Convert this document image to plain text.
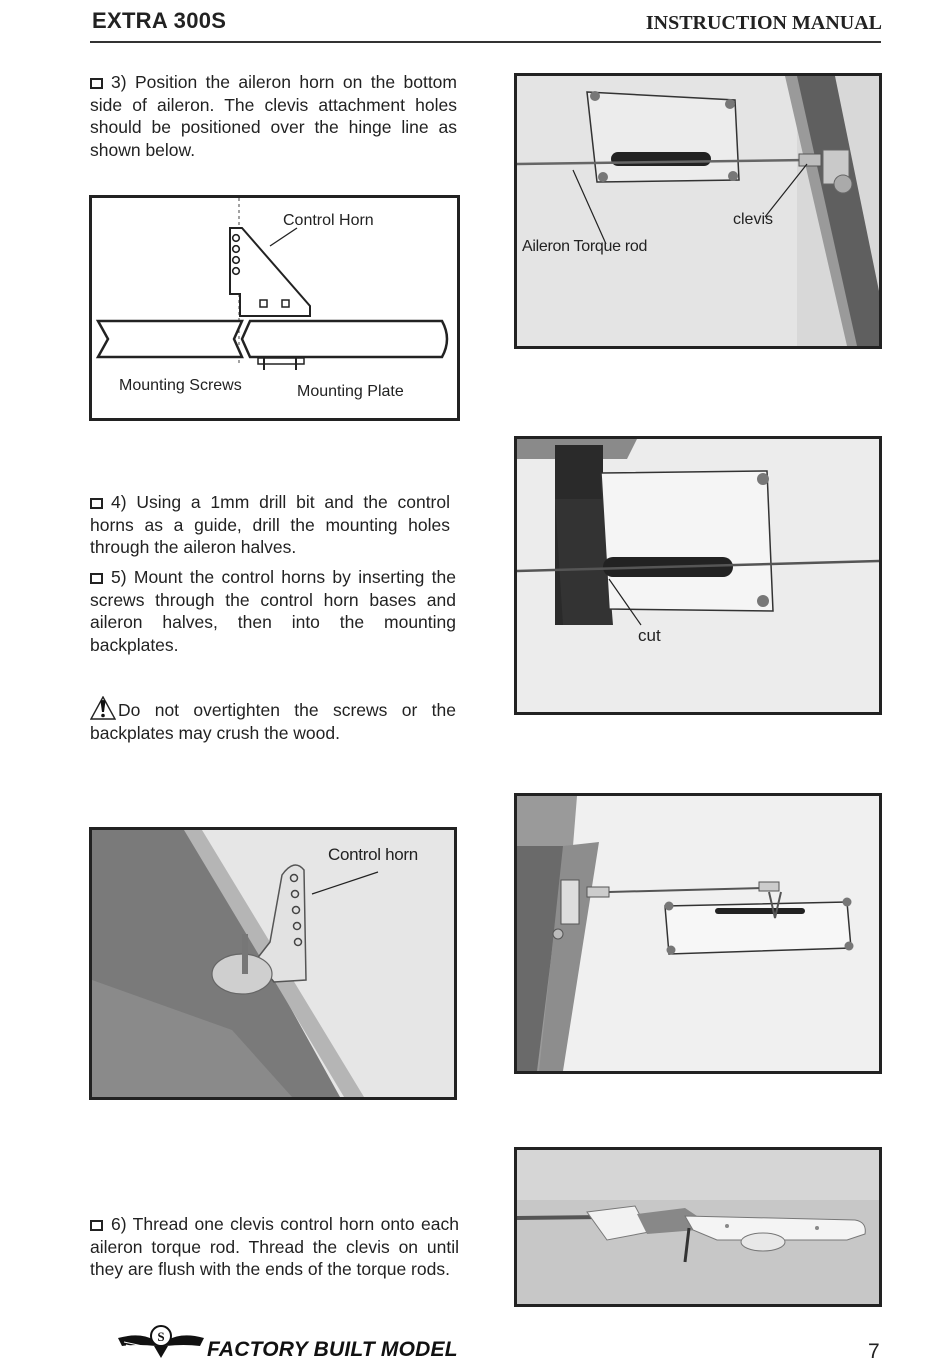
EXTRA 300S	INSTRUCTION MANUAL
3) Position the aileron horn on the bottom side of aileron. The clevis attachment holes should be positioned over the hinge line as shown below.
Control Horn
Mounting Screws	Mounting Plate
Aileron Torque rod
clevis
4) Using a 1mm drill bit and the control horns as a guide, drill the mounting holes through the aileron halves.
5) Mount the control horns by inserting the screws through the control horn bases and aileron halves, then into the mounting backplates.	cut
Do not overtighten the screws or the backplates may crush the wood.
Control horn
6) Thread one clevis control horn onto each aileron torque rod. Thread the clevis on until they are flush with the ends of the torque rods.
S
FACTORY BUILT MODEL	7
